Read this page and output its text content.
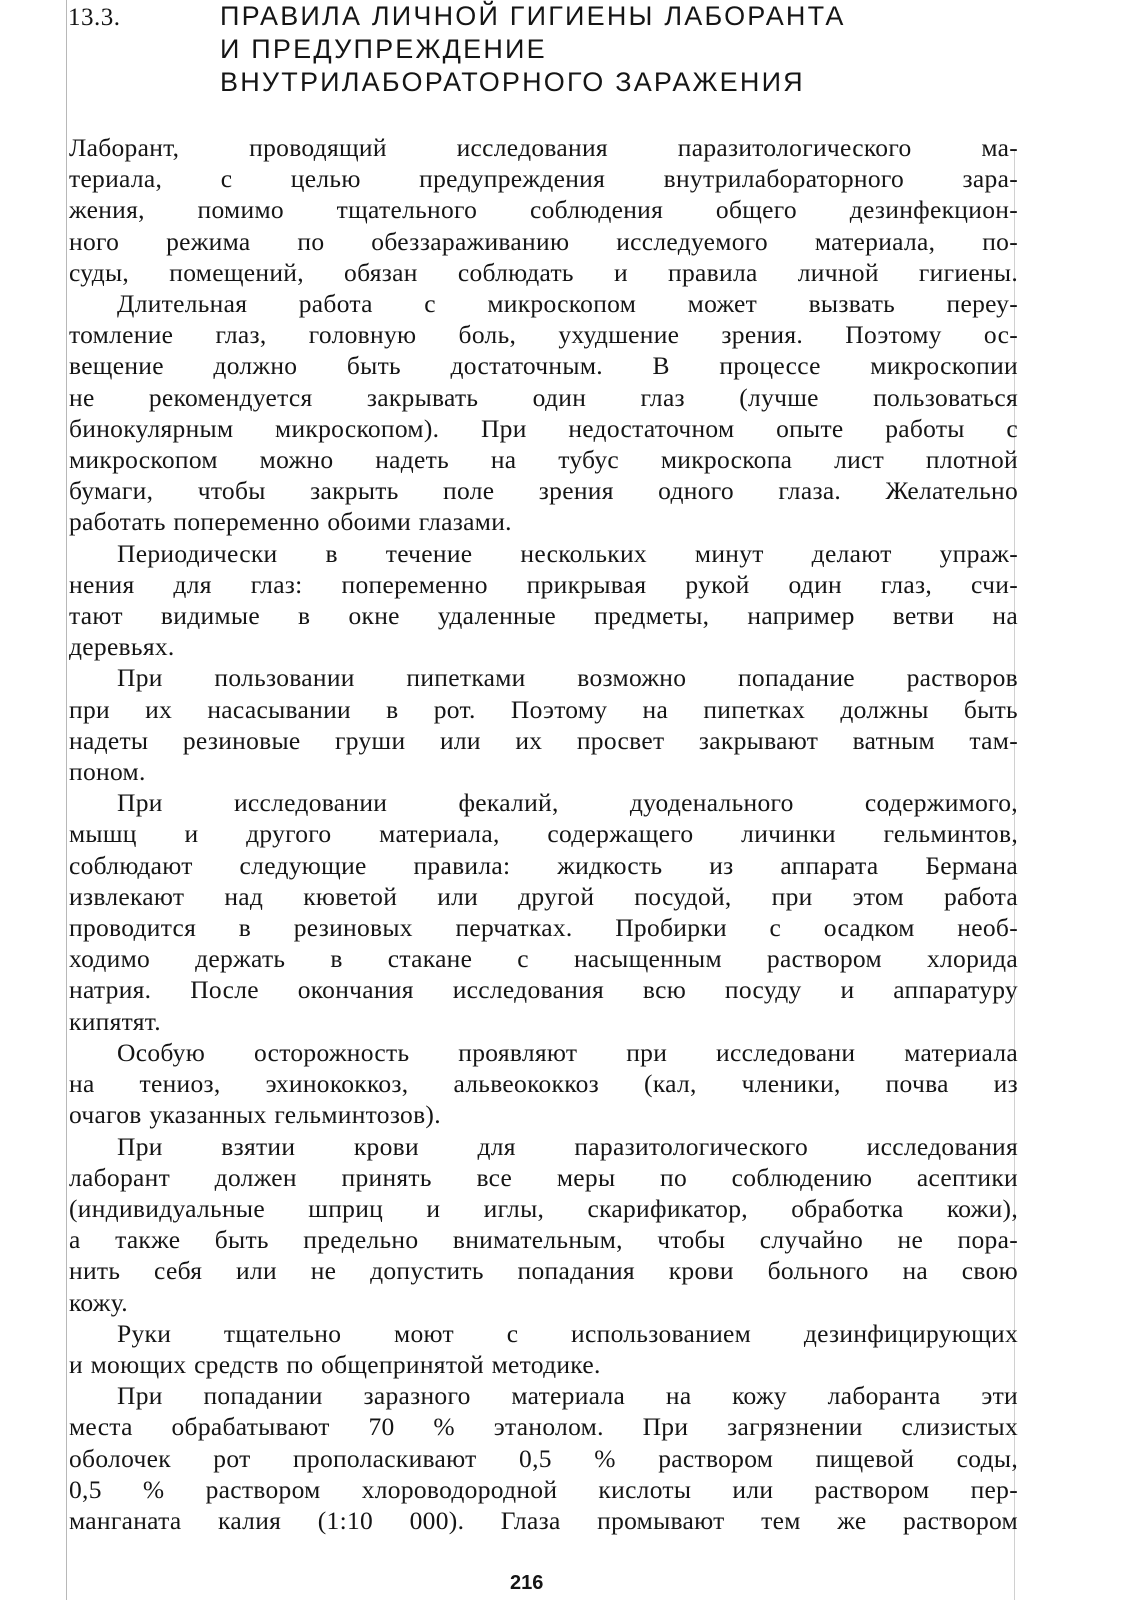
13.3.	ПРАВИЛА ЛИЧНОЙ ГИГИЕНЫ ЛАБОРАНТА
И ПРЕДУПРЕЖДЕНИЕ
ВНУТРИЛАБОРАТОРНОГО ЗАРАЖЕНИЯ

Лаборант, проводящий исследования паразитологического ма-

териала, с целью предупреждения внутрилабораторного зара-

жения, помимо тщательного соблюдения общего дезинфекцион-

ного режима по обеззараживанию исследуемого материала, по-

суды, помещений, обязан соблюдать и правила личной гигиены.

Длительная работа с микроскопом может вызвать переу-

томление глаз, головную боль, ухудшение зрения. Поэтому ос-

вещение должно быть достаточным. В процессе микроскопии

не рекомендуется закрывать один глаз (лучше пользоваться

бинокулярным микроскопом). При недостаточном опыте работы с

микроскопом можно надеть на тубус микроскопа лист плотной

бумаги, чтобы закрыть поле зрения одного глаза. Желательно

работать попеременно обоими глазами.

Периодически в течение нескольких минут делают упраж-

нения для глаз: попеременно прикрывая рукой один глаз, счи-

тают видимые в окне удаленные предметы, например ветви на

деревьях.

При пользовании пипетками возможно попадание растворов

при их насасывании в рот. Поэтому на пипетках должны быть

надеты резиновые груши или их просвет закрывают ватным там-

поном.

При исследовании фекалий, дуоденального содержимого,

мышц и другого материала, содержащего личинки гельминтов,

соблюдают следующие правила: жидкость из аппарата Бермана

извлекают над кюветой или другой посудой, при этом работа

проводится в резиновых перчатках. Пробирки с осадком необ-

ходимо держать в стакане с насыщенным раствором хлорида

натрия. После окончания исследования всю посуду и аппаратуру

кипятят.

Особую осторожность проявляют при исследовани материала

на тениоз, эхинококкоз, альвеококкоз (кал, членики, почва из

очагов указанных гельминтозов).

При взятии крови для паразитологического исследования

лаборант должен принять все меры по соблюдению асептики

(индивидуальные шприц и иглы, скарификатор, обработка кожи),

а также быть предельно внимательным, чтобы случайно не пора-

нить себя или не допустить попадания крови больного на свою

кожу.

Руки тщательно моют с использованием дезинфицирующих

и моющих средств по общепринятой методике.

При попадании заразного материала на кожу лаборанта эти

места обрабатывают 70 % этанолом. При загрязнении слизистых

оболочек рот прополаскивают 0,5 % раствором пищевой соды,

0,5 % раствором хлороводородной кислоты или раствором пер-

манганата калия (1:10 000). Глаза промывают тем же раствором

216
